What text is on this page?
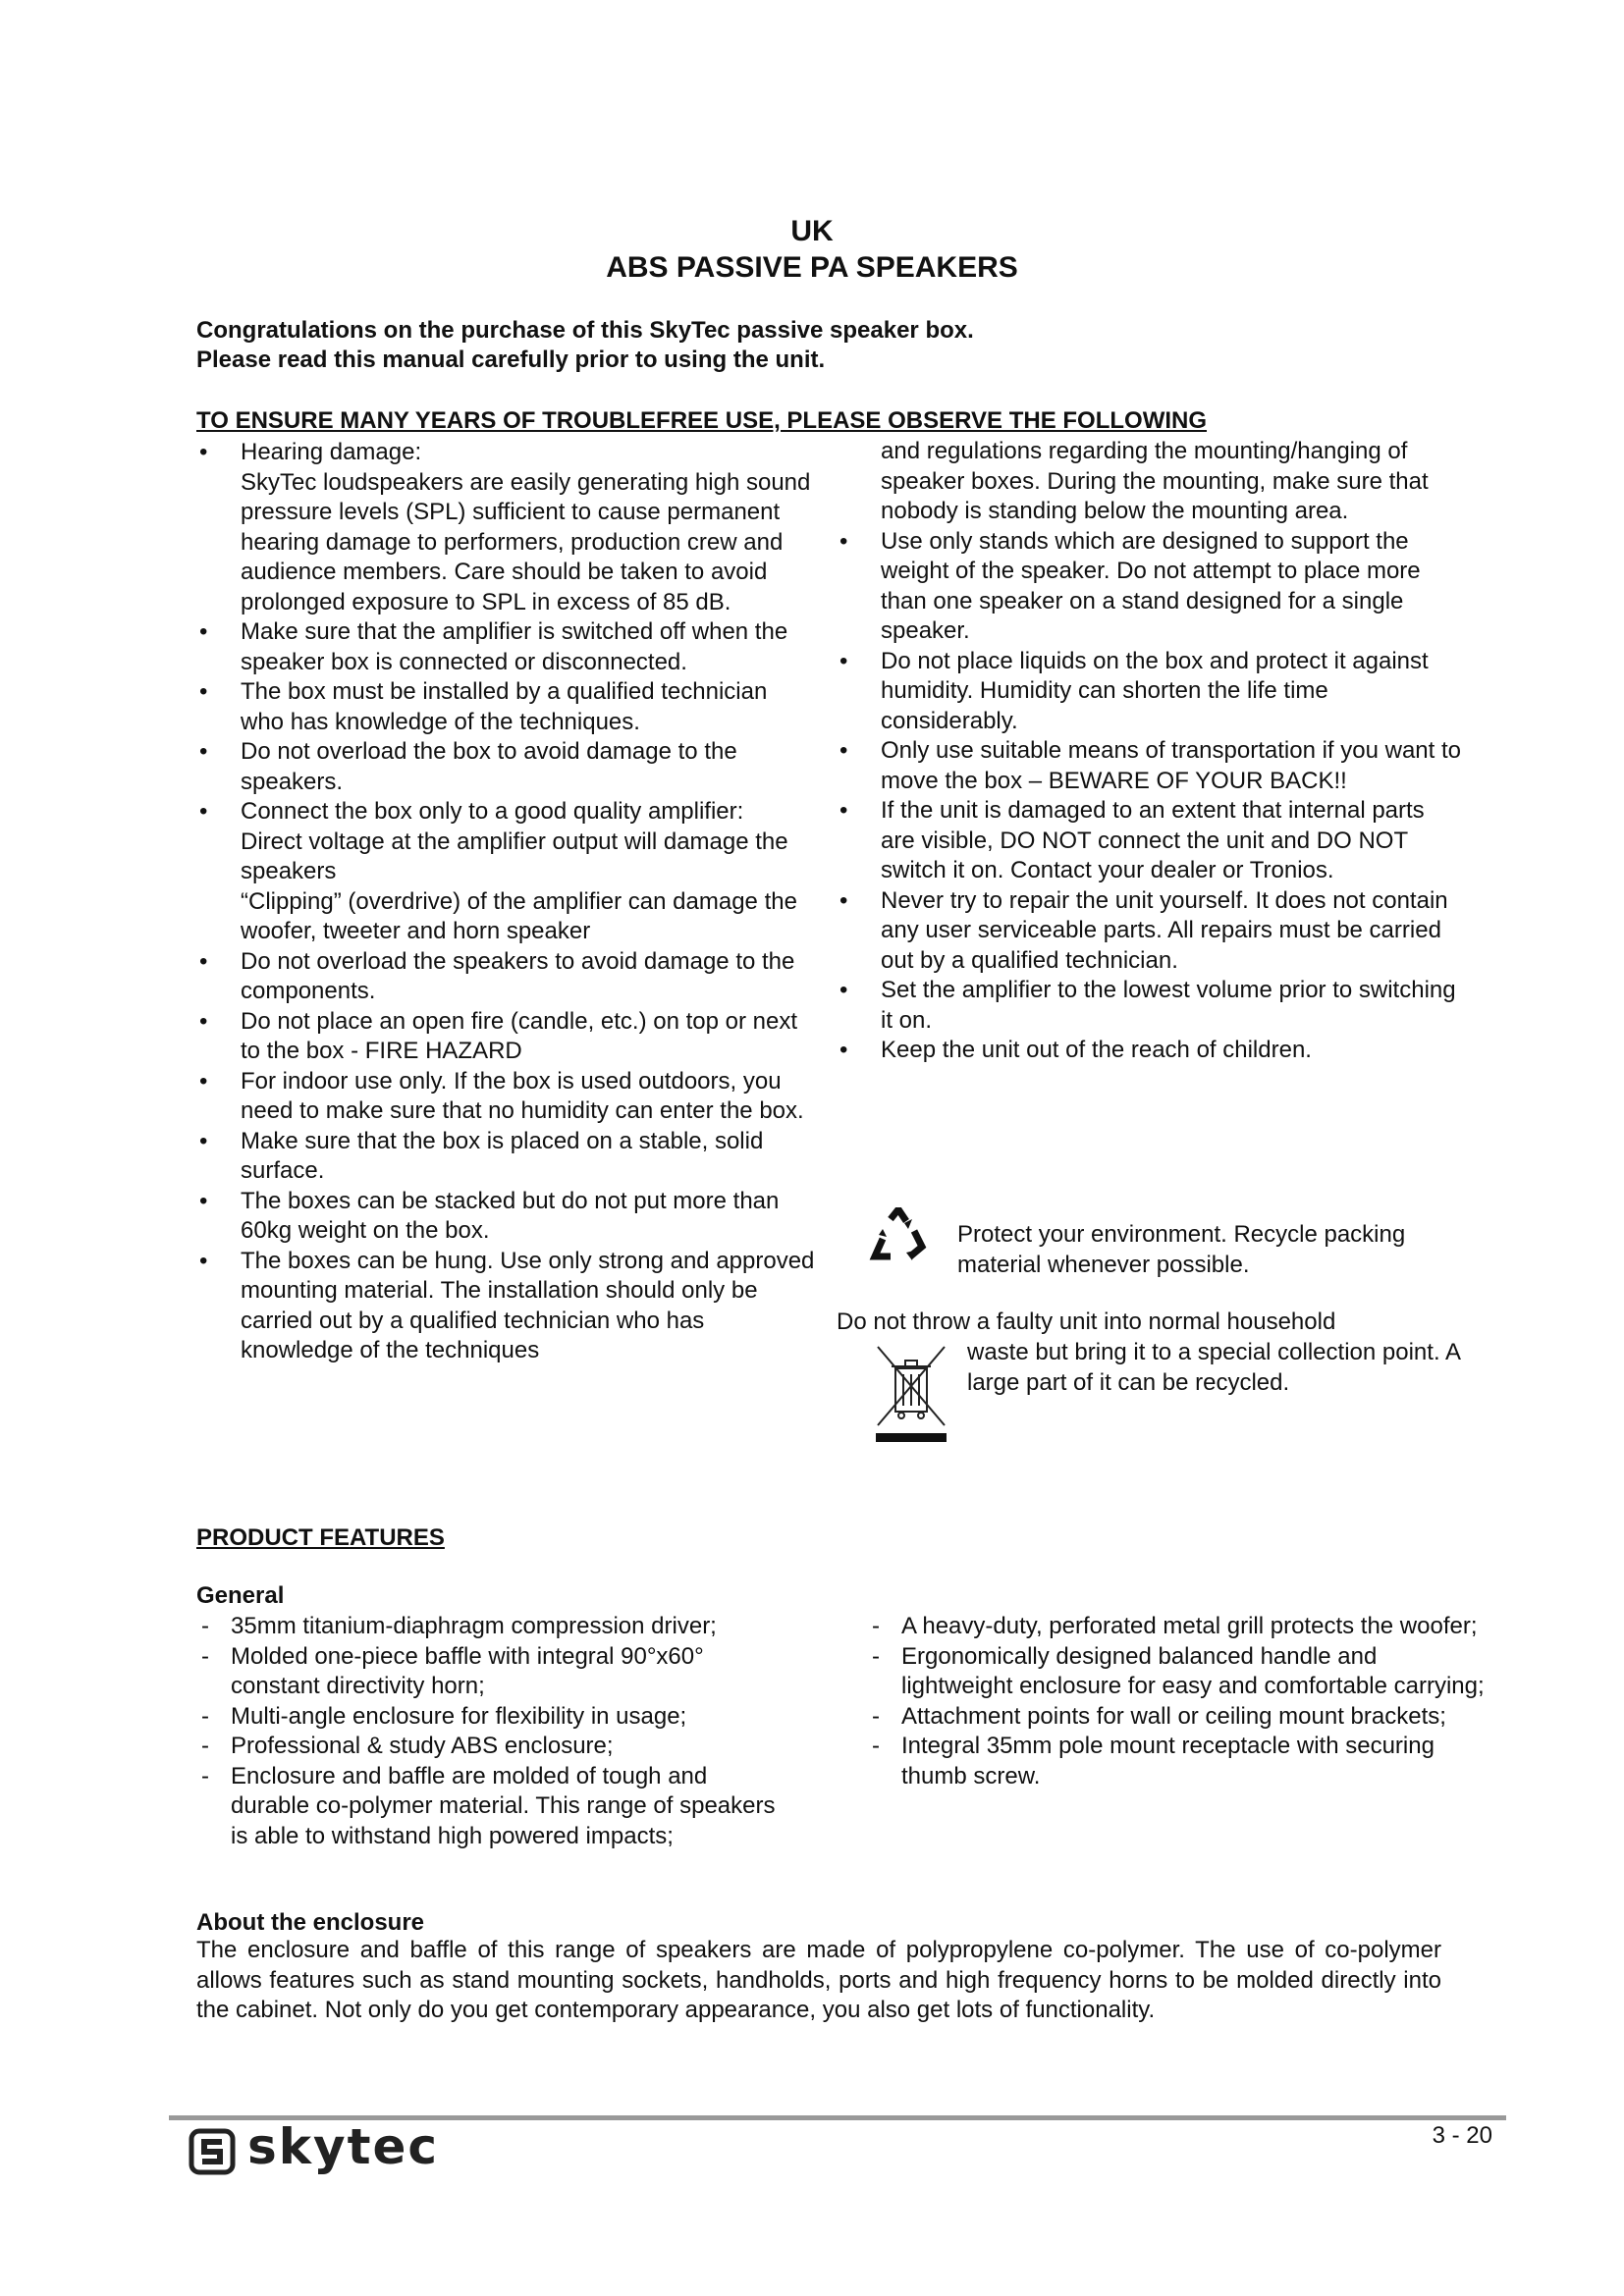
UK
ABS PASSIVE PA SPEAKERS
Congratulations on the purchase of this SkyTec passive speaker box.
Please read this manual carefully prior to using the unit.
TO ENSURE MANY YEARS OF TROUBLEFREE USE, PLEASE OBSERVE THE FOLLOWING
• Hearing damage:
SkyTec loudspeakers are easily generating high sound pressure levels (SPL) sufficient to cause permanent hearing damage to performers, production crew and audience members. Care should be taken to avoid prolonged exposure to SPL in excess of 85 dB.
• Make sure that the amplifier is switched off when the speaker box is connected or disconnected.
• The box must be installed by a qualified technician who has knowledge of the techniques.
• Do not overload the box to avoid damage to the speakers.
• Connect the box only to a good quality amplifier:
Direct voltage at the amplifier output will damage the speakers
“Clipping” (overdrive) of the amplifier can damage the woofer, tweeter and horn speaker
• Do not overload the speakers to avoid damage to the components.
• Do not place an open fire (candle, etc.) on top or next to the box - FIRE HAZARD
• For indoor use only. If the box is used outdoors, you need to make sure that no humidity can enter the box.
• Make sure that the box is placed on a stable, solid surface.
• The boxes can be stacked but do not put more than 60kg weight on the box.
• The boxes can be hung. Use only strong and approved mounting material. The installation should only be carried out by a qualified technician who has knowledge of the techniques
and regulations regarding the mounting/hanging of speaker boxes. During the mounting, make sure that nobody is standing below the mounting area.
• Use only stands which are designed to support the weight of the speaker. Do not attempt to place more than one speaker on a stand designed for a single speaker.
• Do not place liquids on the box and protect it against humidity. Humidity can shorten the life time considerably.
• Only use suitable means of transportation if you want to move the box – BEWARE OF YOUR BACK!!
• If the unit is damaged to an extent that internal parts are visible, DO NOT connect the unit and DO NOT switch it on. Contact your dealer or Tronios.
• Never try to repair the unit yourself. It does not contain any user serviceable parts. All repairs must be carried out by a qualified technician.
• Set the amplifier to the lowest volume prior to switching it on.
• Keep the unit out of the reach of children.
Protect your environment. Recycle packing material whenever possible.
Do not throw a faulty unit into normal household
waste but bring it to a special collection point. A large part of it can be recycled.
PRODUCT FEATURES
General
- 35mm titanium-diaphragm compression driver;
- Molded one-piece baffle with integral 90°x60° constant directivity horn;
- Multi-angle enclosure for flexibility in usage;
- Professional & study ABS enclosure;
- Enclosure and baffle are molded of tough and durable co-polymer material. This range of speakers is able to withstand high powered impacts;
- A heavy-duty, perforated metal grill protects the woofer;
- Ergonomically designed balanced handle and lightweight enclosure for easy and comfortable carrying;
- Attachment points for wall or ceiling mount brackets;
- Integral 35mm pole mount receptacle with securing thumb screw.
About the enclosure
The enclosure and baffle of this range of speakers are made of polypropylene co-polymer. The use of co-polymer allows features such as stand mounting sockets, handholds, ports and high frequency horns to be molded directly into the cabinet. Not only do you get contemporary appearance, you also get lots of functionality.
skytec	3 - 20
